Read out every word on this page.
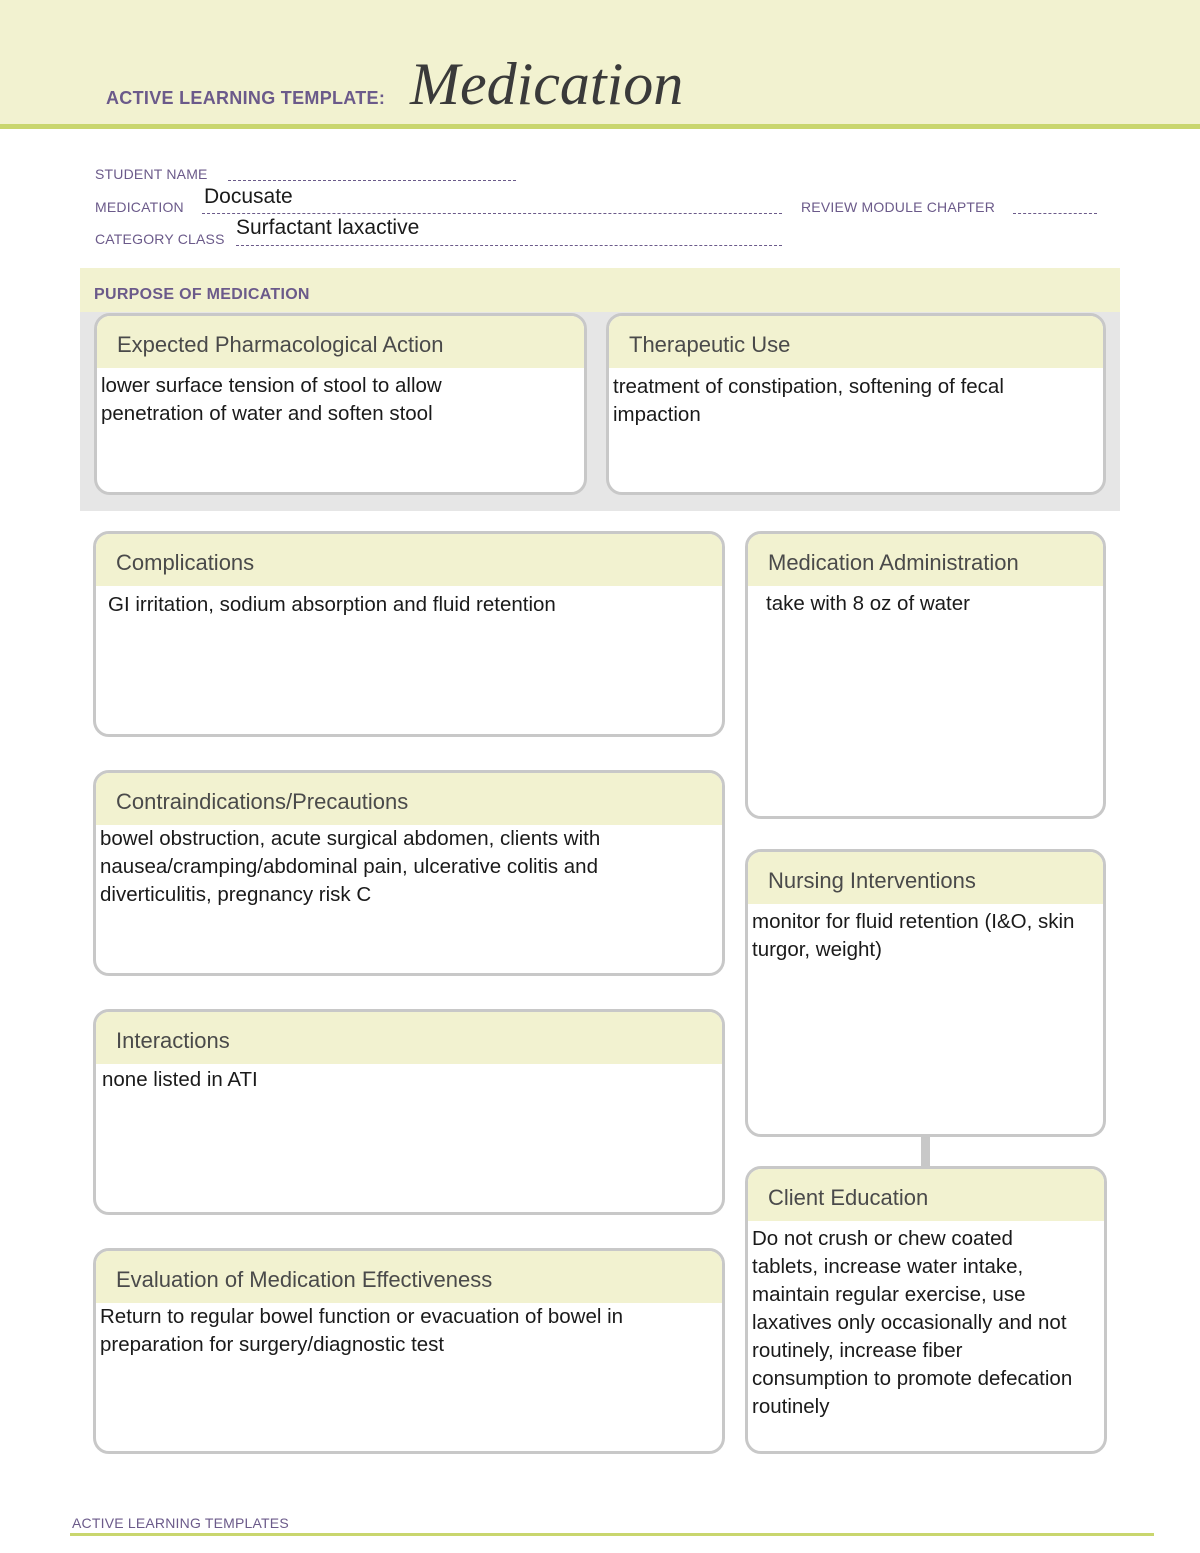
ACTIVE LEARNING TEMPLATE: Medication
STUDENT NAME
MEDICATION Docusate	REVIEW MODULE CHAPTER
CATEGORY CLASS Surfactant laxactive
PURPOSE OF MEDICATION
Expected Pharmacological Action
lower surface tension of stool to allow penetration of water and soften stool
Therapeutic Use
treatment of constipation, softening of fecal impaction
Complications
GI irritation, sodium absorption and fluid retention
Contraindications/Precautions
bowel obstruction, acute surgical abdomen, clients with nausea/cramping/abdominal pain, ulcerative colitis and diverticulitis, pregnancy risk C
Interactions
none listed in ATI
Evaluation of Medication Effectiveness
Return to regular bowel function or evacuation of bowel in preparation for surgery/diagnostic test
Medication Administration
take with 8 oz of water
Nursing Interventions
monitor for fluid retention (I&O, skin turgor, weight)
Client Education
Do not crush or chew coated tablets, increase water intake, maintain regular exercise, use laxatives only occasionally and not routinely, increase fiber consumption to promote defecation routinely
ACTIVE LEARNING TEMPLATES
